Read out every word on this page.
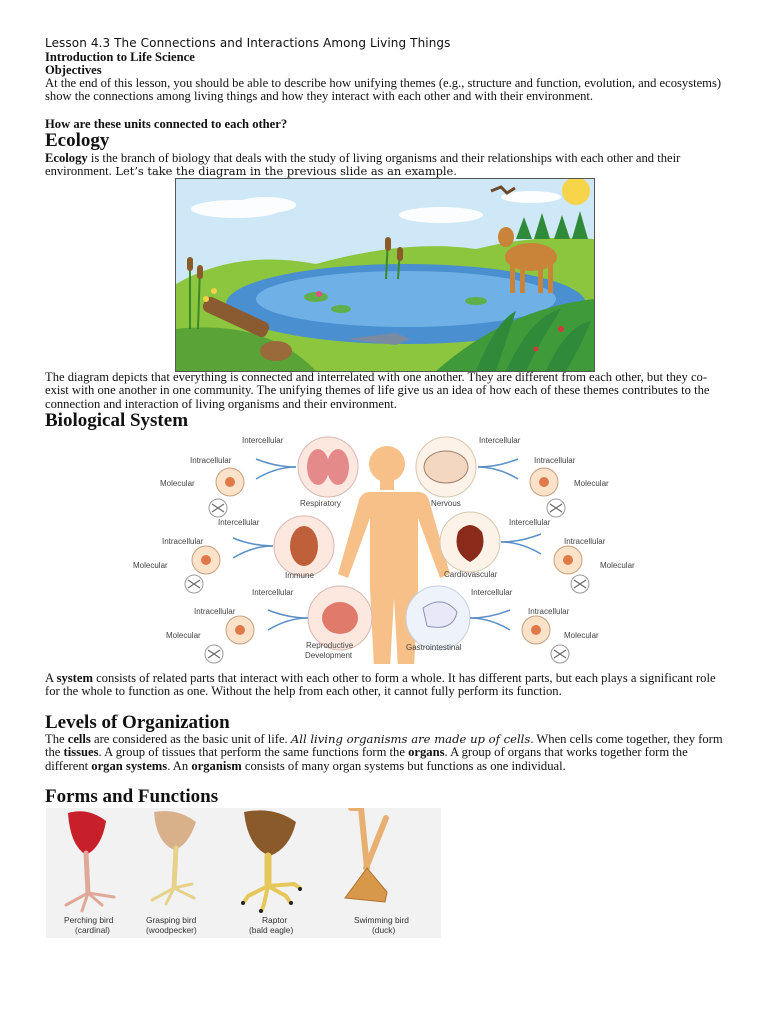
Lesson 4.3 The Connections and Interactions Among Living Things

Introduction to Life Science

Objectives

At the end of this lesson, you should be able to describe how unifying themes (e.g., structure and function, evolution, and ecosystems) show the connections among living things and how they interact with each other and with their environment.

How are these units connected to each other?

Ecology

Ecology is the branch of biology that deals with the study of living organisms and their relationships with each other and their environment. Let’s take the diagram in the previous slide as an example.

The diagram depicts that everything is connected and interrelated with one another. They are different from each other, but they co-exist with one another in one community. The unifying themes of life give us an idea of how each of these themes contributes to the connection and interaction of living organisms and their environment.

Biological System
Intercellular
Intracellular
Molecular
Respiratory
Intercellular
Intracellular
Molecular
Nervous
Intercellular
Intracellular
Molecular
Immune
Intercellular
Intracellular
Molecular
Cardiovascular
Intercellular
Intracellular
Molecular
Reproductive
Development
Intercellular
Intracellular
Molecular
Gastrointestinal

A system consists of related parts that interact with each other to form a whole. It has different parts, but each plays a significant role for the whole to function as one. Without the help from each other, it cannot fully perform its function.

Levels of Organization

The cells are considered as the basic unit of life. All living organisms are made up of cells. When cells come together, they form the tissues. A group of tissues that perform the same functions form the organs. A group of organs that works together form the different organ systems. An organism consists of many organ systems but functions as one individual.

Forms and Functions
Perching bird
(cardinal)
Grasping bird
(woodpecker)
Raptor
(bald eagle)
Swimming bird
(duck)
